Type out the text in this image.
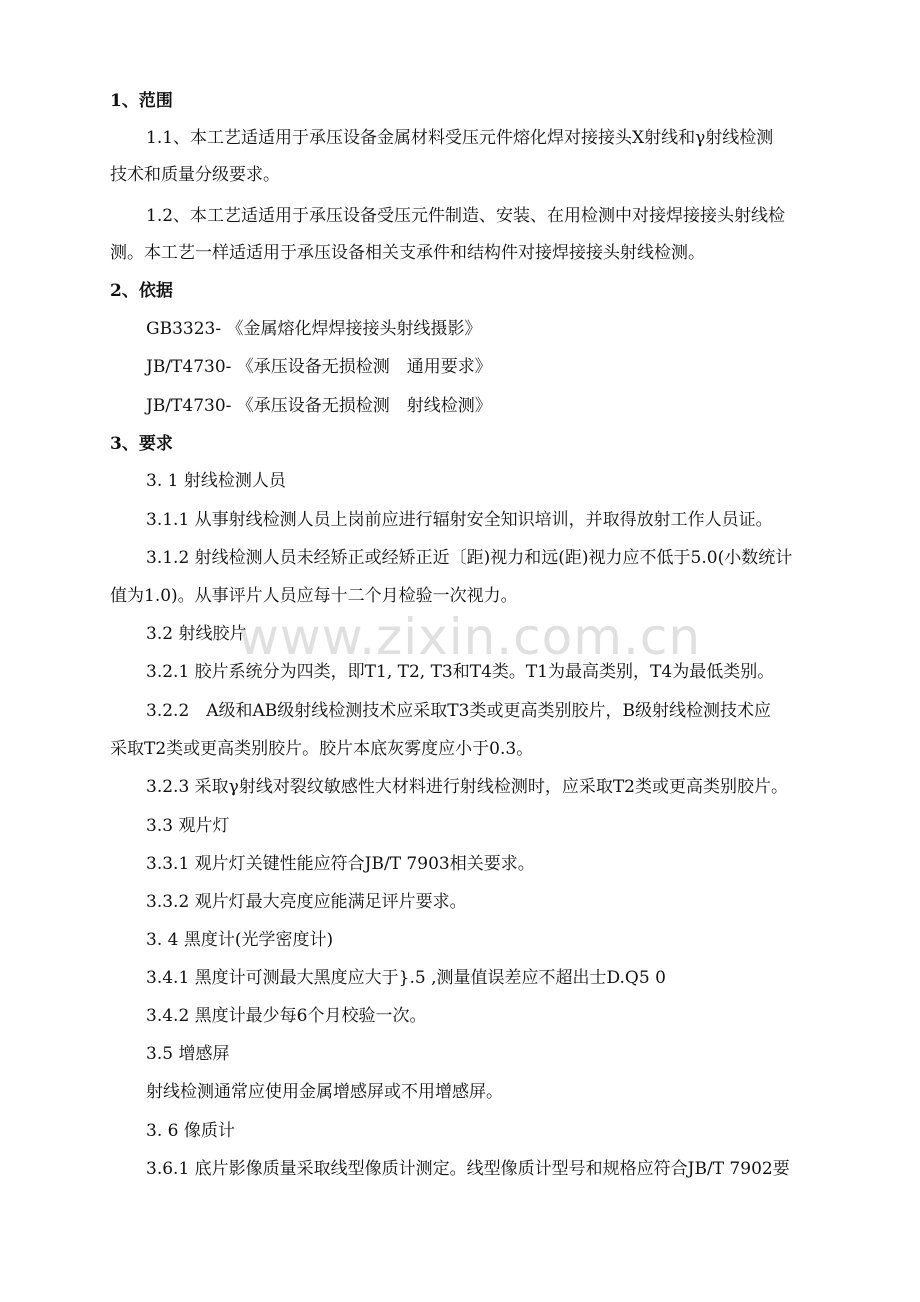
www.zixin.com.cn
1、范围
1.1、本工艺适适用于承压设备金属材料受压元件熔化焊对接接头X射线和γ射线检测
技术和质量分级要求。
1.2、本工艺适适用于承压设备受压元件制造、安装、在用检测中对接焊接接头射线检
测。本工艺一样适适用于承压设备相关支承件和结构件对接焊接接头射线检测。
2、依据
GB3323- 《金属熔化焊焊接接头射线摄影》
JB/T4730- 《承压设备无损检测　通用要求》
JB/T4730- 《承压设备无损检测　射线检测》
3、要求
3. 1 射线检测人员
3.1.1 从事射线检测人员上岗前应进行辐射安全知识培训，并取得放射工作人员证。
3.1.2 射线检测人员未经矫正或经矫正近〔距)视力和远(距)视力应不低于5.0(小数统计
值为1.0)。从事评片人员应每十二个月检验一次视力。
3.2 射线胶片
3.2.1 胶片系统分为四类，即T1, T2, T3和T4类。T1为最高类别，T4为最低类别。
3.2.2　A级和AB级射线检测技术应采取T3类或更高类别胶片，B级射线检测技术应
采取T2类或更高类别胶片。胶片本底灰雾度应小于0.3。
3.2.3 采取γ射线对裂纹敏感性大材料进行射线检测时，应采取T2类或更高类别胶片。
3.3 观片灯
3.3.1 观片灯关键性能应符合JB/T 7903相关要求。
3.3.2 观片灯最大亮度应能满足评片要求。
3. 4 黑度计(光学密度计)
3.4.1 黑度计可测最大黑度应大于}.5 ,测量值误差应不超出士D.Q5 0
3.4.2 黑度计最少每6个月校验一次。
3.5 增感屏
射线检测通常应使用金属增感屏或不用增感屏。
3. 6 像质计
3.6.1 底片影像质量采取线型像质计测定。线型像质计型号和规格应符合JB/T 7902要
